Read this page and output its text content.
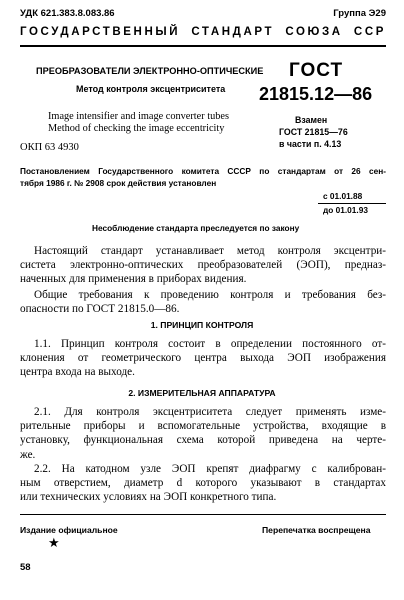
УДК 621.383.8.083.86	Группа Э29
ГОСУДАРСТВЕННЫЙ СТАНДАРТ СОЮЗА ССР
ПРЕОБРАЗОВАТЕЛИ ЭЛЕКТРОННО-ОПТИЧЕСКИЕ
Метод контроля эксцентриситета
Image intensifier and image converter tubes
Method of checking the image eccentricity
ОКП 63 4930
ГОСТ
21815.12—86
Взамен
ГОСТ 21815—76
в части п. 4.13
Постановлением Государственного комитета СССР по стандартам от 26 сен-
тября 1986 г. № 2908 срок действия установлен
с 01.01.88
до 01.01.93
Несоблюдение стандарта преследуется по закону
Настоящий стандарт устанавливает метод контроля эксцентри-
систета электронно-оптических преобразователей (ЭОП), предназ-
наченных для применения в приборах видения.
Общие требования к проведению контроля и требования без-
опасности по ГОСТ 21815.0—86.
1. ПРИНЦИП КОНТРОЛЯ
1.1. Принцип контроля состоит в определении постоянного от-
клонения от геометрического центра выхода ЭОП изображения
центра входа на выходе.
2. ИЗМЕРИТЕЛЬНАЯ АППАРАТУРА
2.1. Для контроля эксцентриситета следует применять изме-
рительные приборы и вспомогательные устройства, входящие в
установку, функциональная схема которой приведена на черте-
же.
2.2. На катодном узле ЭОП крепят диафрагму с калиброван-
ным отверстием, диаметр d которого указывают в стандартах
или технических условиях на ЭОП конкретного типа.
Издание официальное	Перепечатка воспрещена
★
58
